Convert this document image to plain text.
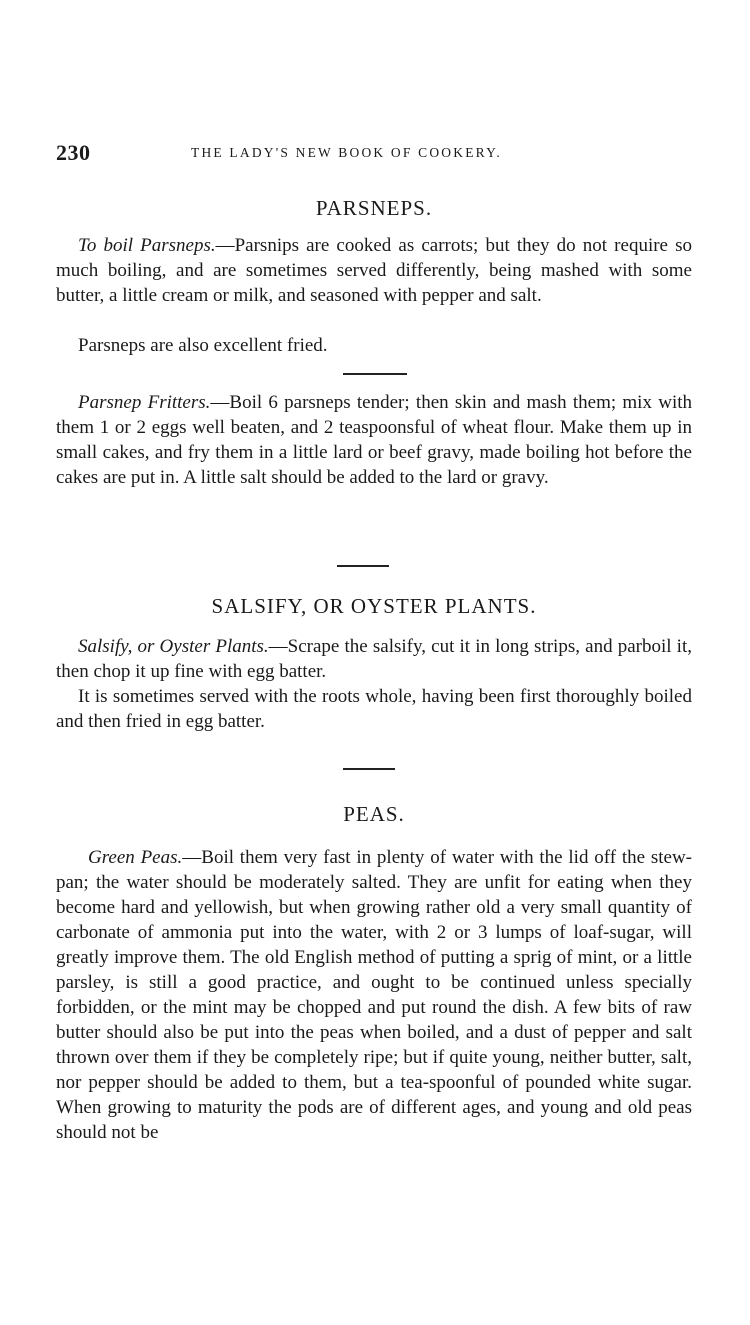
230	THE LADY'S NEW BOOK OF COOKERY.
PARSNEPS.

To boil Parsneps.—Parsnips are cooked as carrots; but they do not require so much boiling, and are sometimes served differently, being mashed with some butter, a little cream or milk, and seasoned with pepper and salt.

Parsneps are also excellent fried.

Parsnep Fritters.—Boil 6 parsneps tender; then skin and mash them; mix with them 1 or 2 eggs well beaten, and 2 teaspoonsful of wheat flour. Make them up in small cakes, and fry them in a little lard or beef gravy, made boiling hot before the cakes are put in. A little salt should be added to the lard or gravy.

SALSIFY, OR OYSTER PLANTS.

Salsify, or Oyster Plants.—Scrape the salsify, cut it in long strips, and parboil it, then chop it up fine with egg batter.

It is sometimes served with the roots whole, having been first thoroughly boiled and then fried in egg batter.

PEAS.

Green Peas.—Boil them very fast in plenty of water with the lid off the stew-pan; the water should be moderately salted. They are unfit for eating when they become hard and yellowish, but when growing rather old a very small quantity of carbonate of ammonia put into the water, with 2 or 3 lumps of loaf-sugar, will greatly improve them. The old English method of putting a sprig of mint, or a little parsley, is still a good practice, and ought to be continued unless specially forbidden, or the mint may be chopped and put round the dish. A few bits of raw butter should also be put into the peas when boiled, and a dust of pepper and salt thrown over them if they be completely ripe; but if quite young, neither butter, salt, nor pepper should be added to them, but a tea-spoonful of pounded white sugar. When growing to maturity the pods are of different ages, and young and old peas should not be
